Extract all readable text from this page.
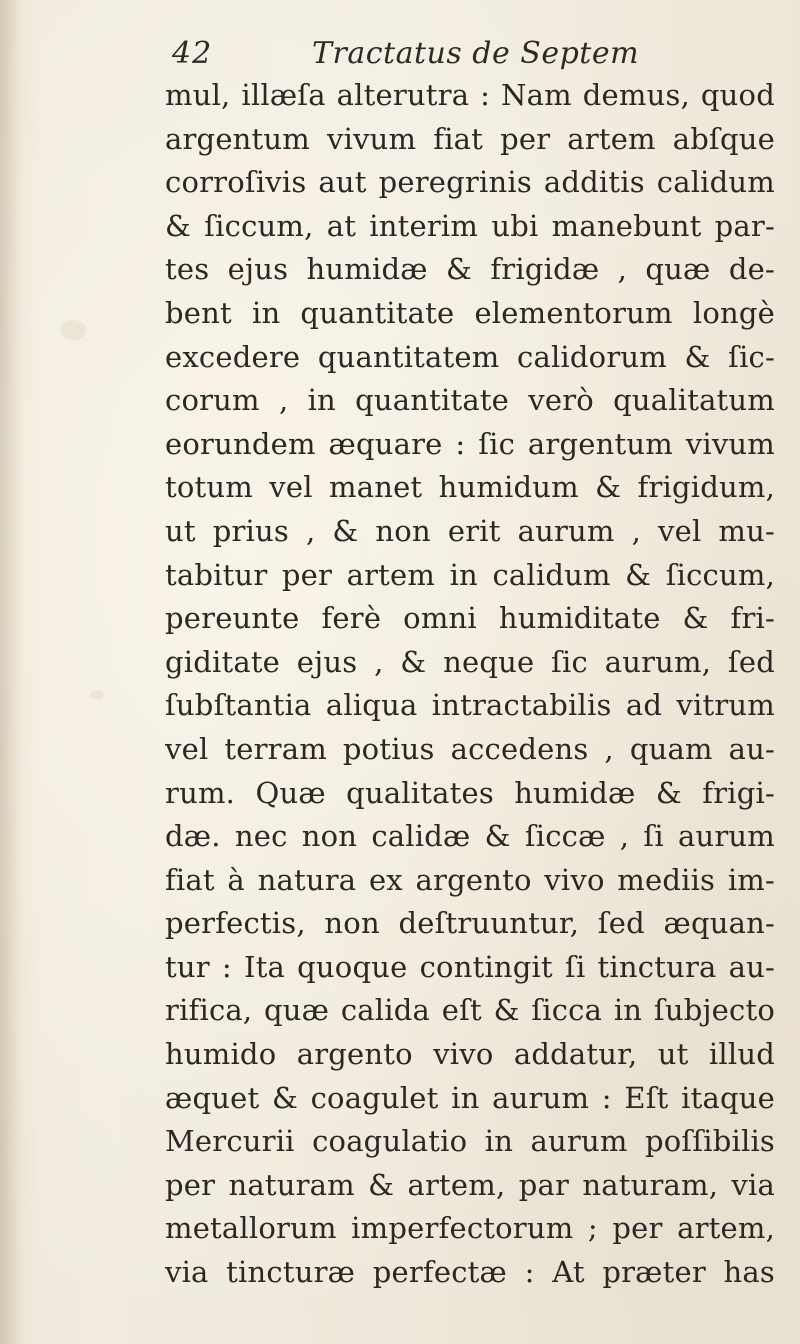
42	Tractatus de Septem
mul, illæſa alterutra : Nam demus, quod
argentum vivum fiat per artem abſque
corroſivis aut peregrinis additis calidum
& ſiccum, at interim ubi manebunt par-
tes ejus humidæ & frigidæ , quæ de-
bent in quantitate elementorum longè
excedere quantitatem calidorum & ſic-
corum , in quantitate verò qualitatum
eorundem æquare : ſic argentum vivum
totum vel manet humidum & frigidum,
ut prius , & non erit aurum , vel mu-
tabitur per artem in calidum & ſiccum,
pereunte ferè omni humiditate & fri-
giditate ejus , & neque ſic aurum, ſed
ſubſtantia aliqua intractabilis ad vitrum
vel terram potius accedens , quam au-
rum. Quæ qualitates humidæ & frigi-
dæ. nec non calidæ & ſiccæ , ſi aurum
fiat à natura ex argento vivo mediis im-
perfectis, non deſtruuntur, ſed æquan-
tur : Ita quoque contingit ſi tinctura au-
rifica, quæ calida eſt & ſicca in ſubjecto
humido argento vivo addatur, ut illud
æquet & coagulet in aurum : Eſt itaque
Mercurii coagulatio in aurum poſſibilis
per naturam & artem, par naturam, via
metallorum imperfectorum ; per artem,
via tincturæ perfectæ : At præter has
